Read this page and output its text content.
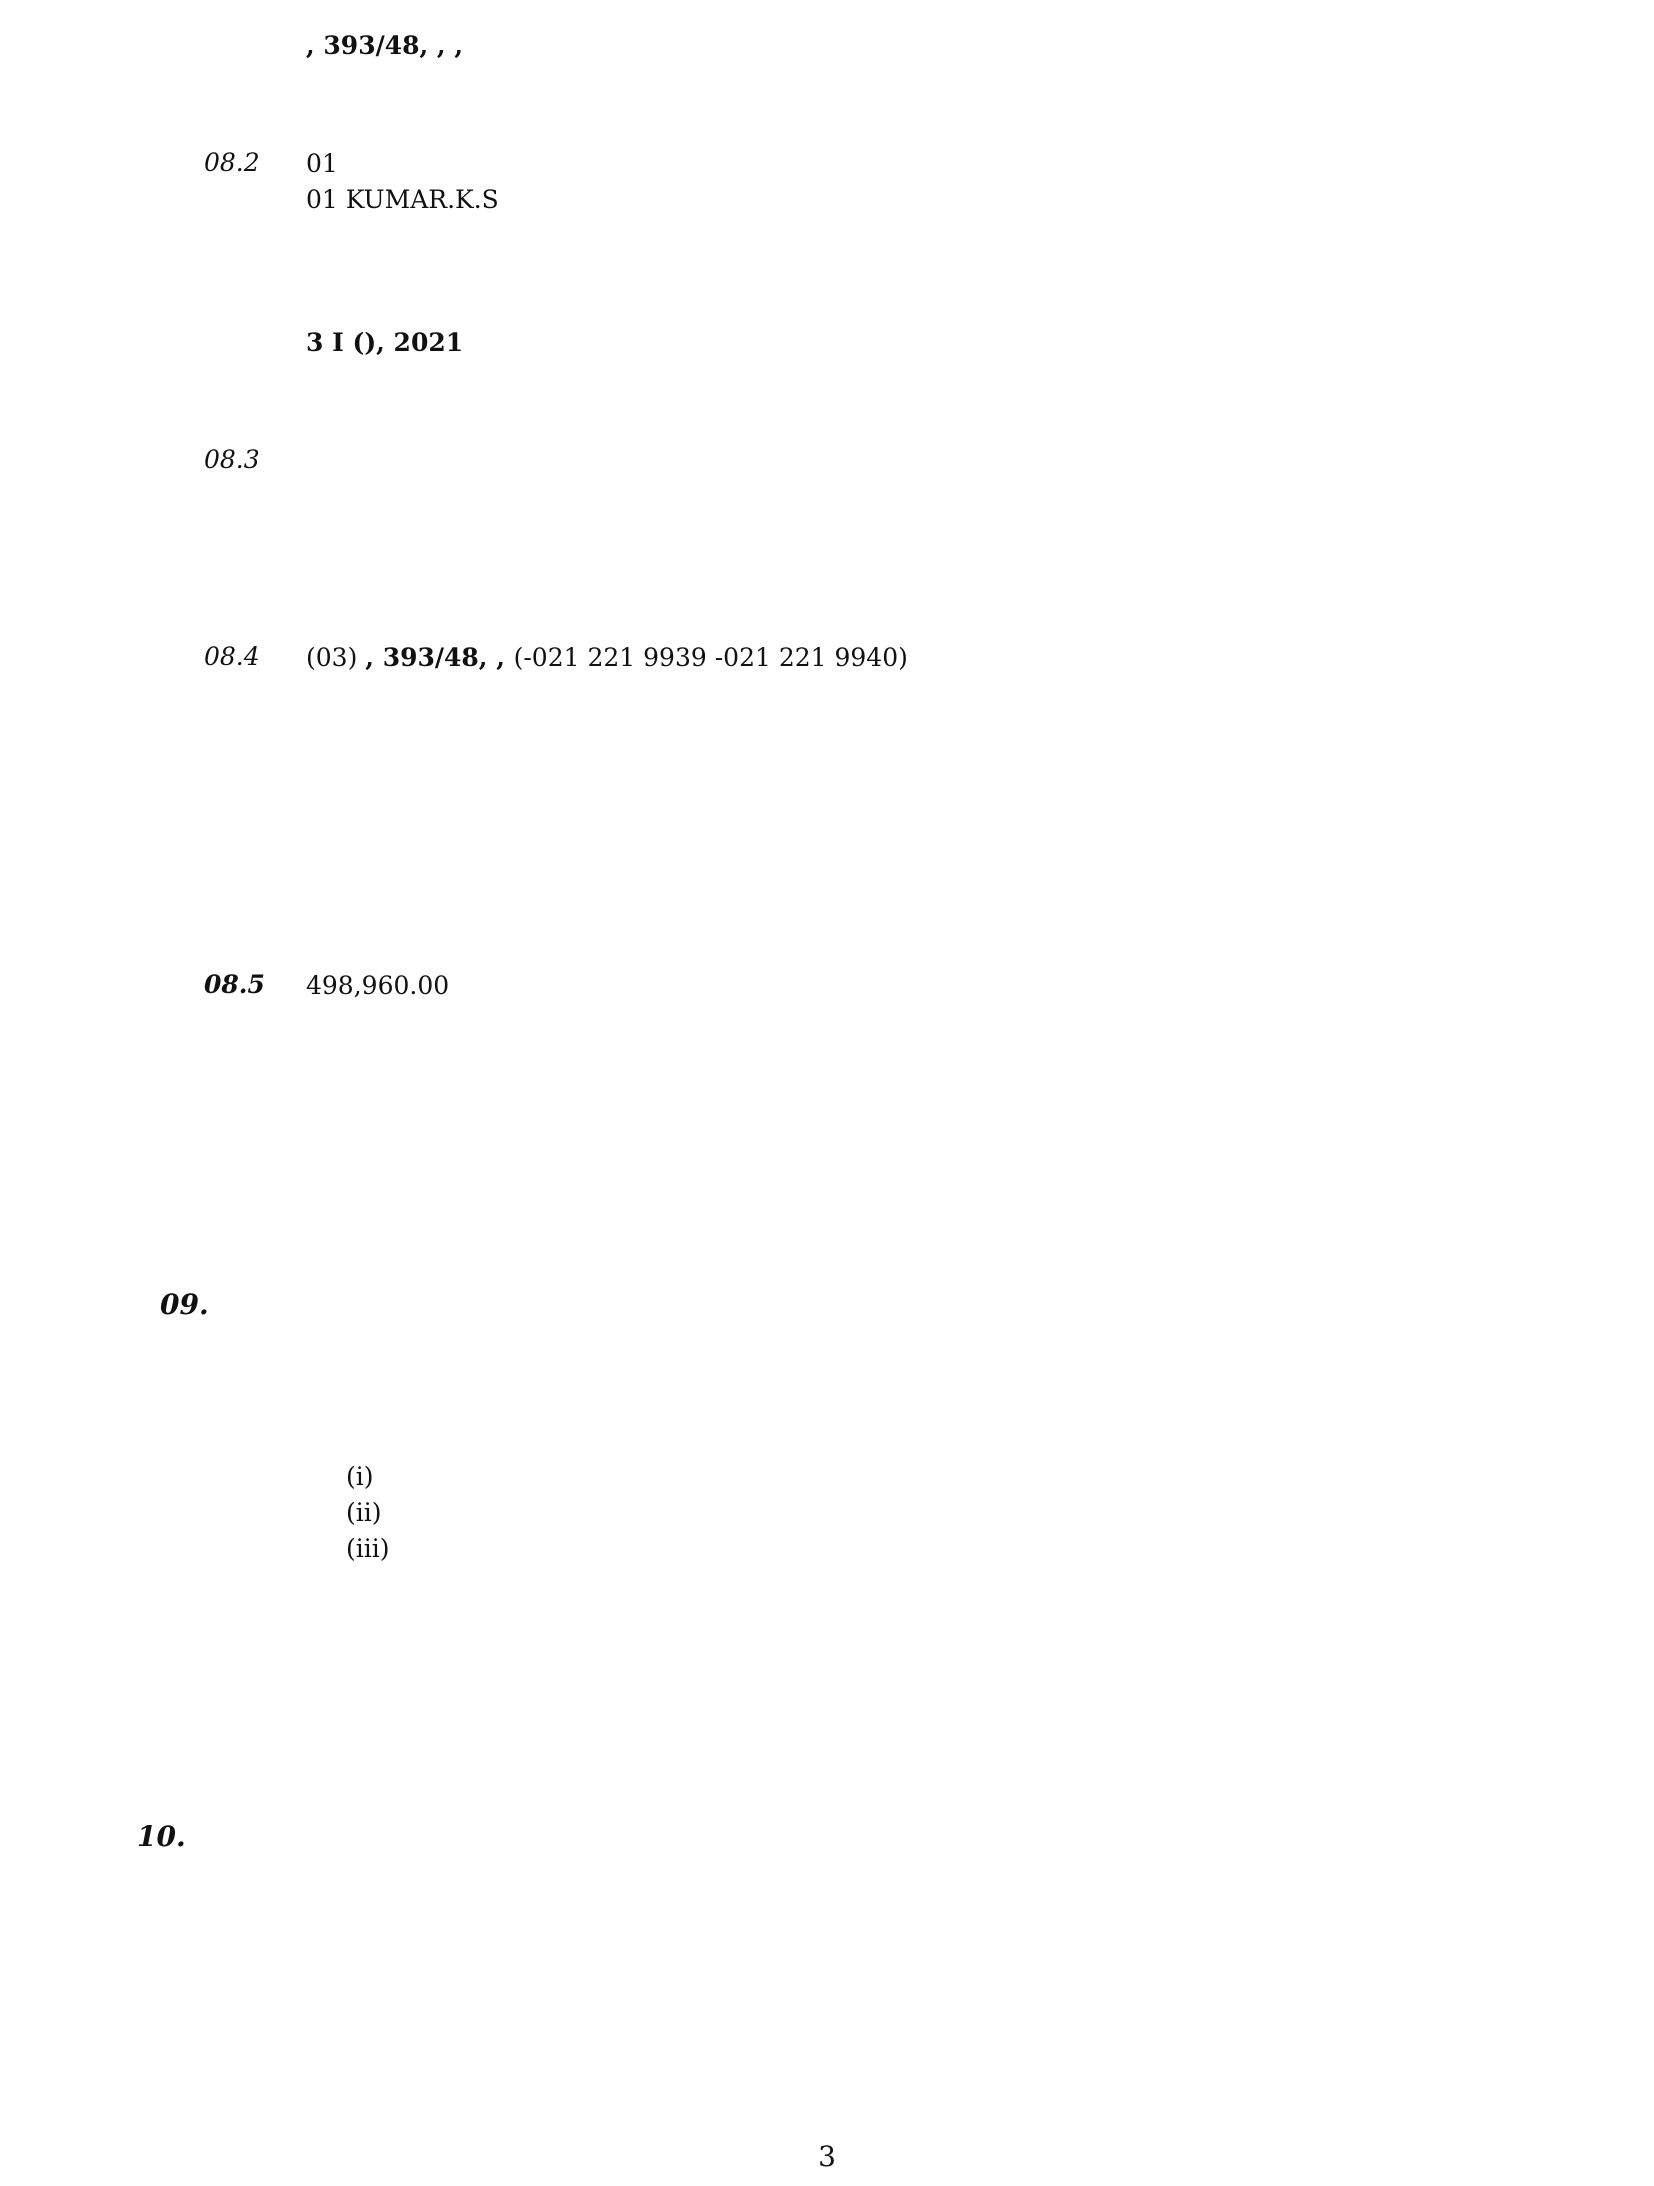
, 393/48, , ,
08.2 01
01 KUMAR.K.S
3 I (), 2021
08.3
08.4 (03) , 393/48, , (-021 221 9939 -021 221 9940)
08.5 498,960.00
09.
(i)
(ii)
(iii)
10.
3
